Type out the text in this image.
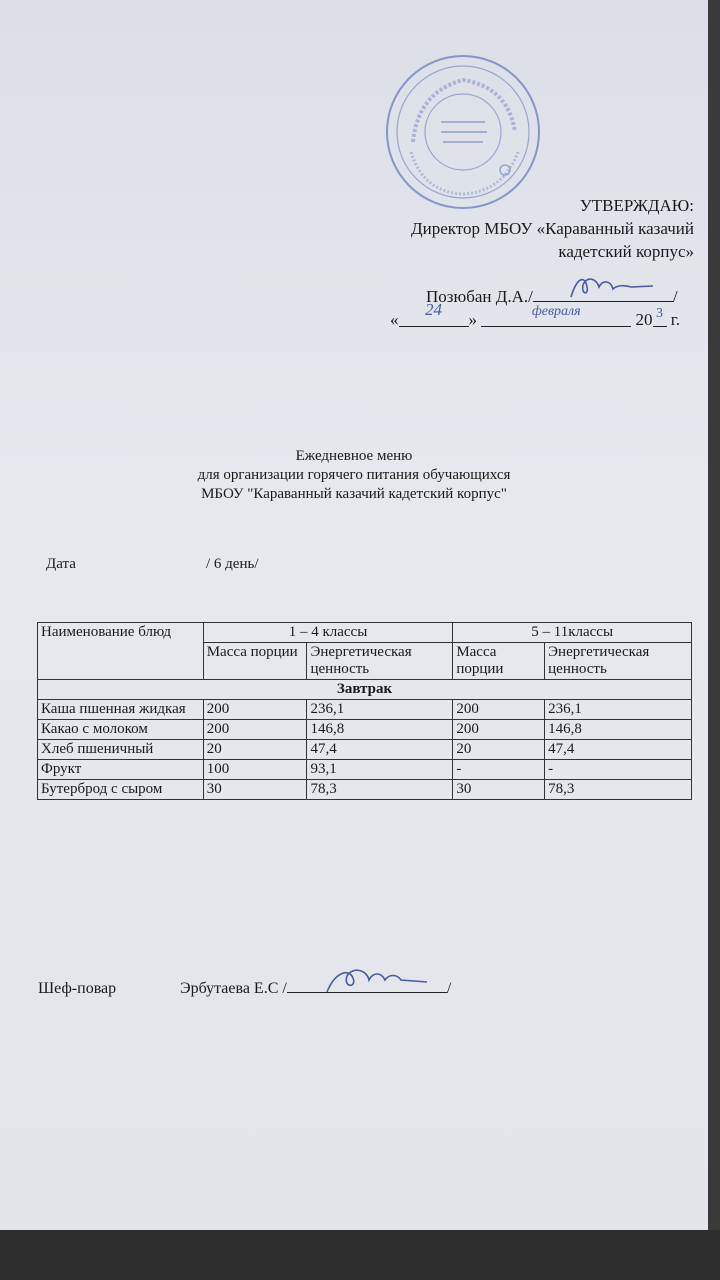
УТВЕРЖДАЮ:
Директор МБОУ «Караванный казачий
кадетский корпус»
Позюбан Д.А./	/
«24»	$^{февраля}$	20 $^3$ г.
Ежедневное меню
для организации горячего питания обучающихся
МБОУ "Караванный казачий кадетский корпус"
Дата	/ 6 день/
Наименование блюд	1 – 4 классы		5 – 11классы	
	Масса порции	Энергетическая ценность	Масса порции	Энергетическая ценность
Завтрак				
Каша пшенная жидкая	200	236,1	200	236,1
Какао с молоком	200	146,8	200	146,8
Хлеб пшеничный	20	47,4	20	47,4
Фрукт	100	93,1	-	-
Бутерброд с сыром	30	78,3	30	78,3
Шеф-повар	Эрбутаева Е.С /	/
